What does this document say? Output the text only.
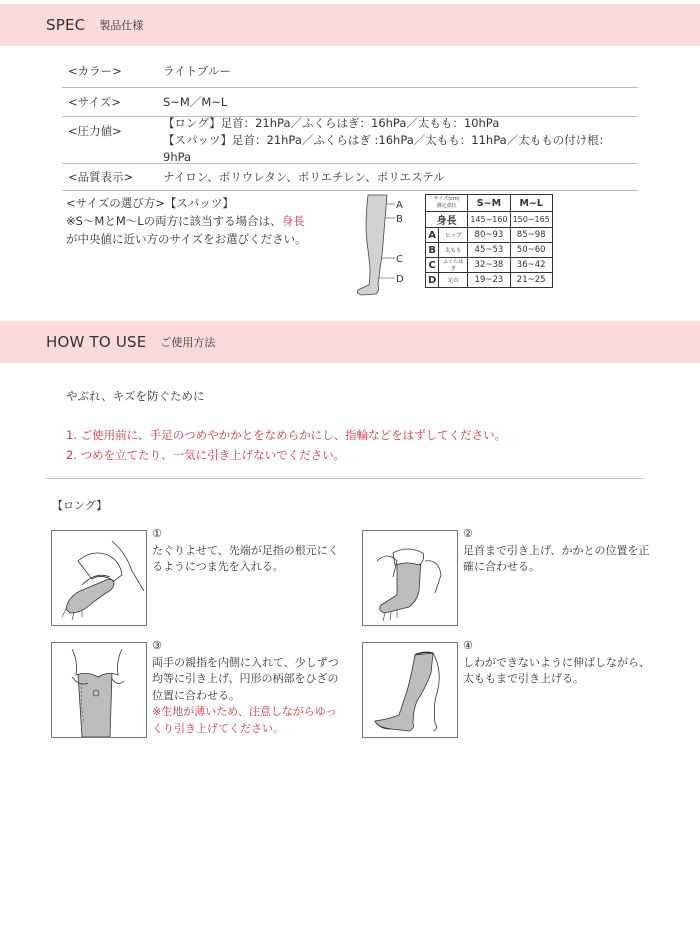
SPEC 製品仕様
<カラー>	ライトブルー
<サイズ>	S~M／M~L
<圧力値>
【ロング】足首：21hPa／ふくらはぎ：16hPa／太もも：10hPa
【スパッツ】足首：21hPa／ふくらはぎ :16hPa／太もも：11hPa／太ももの付け根：9hPa
<品質表示>	ナイロン、ポリウレタン、ポリエチレン、ポリエステル
<サイズの選び方>【スパッツ】
※S～MとM～Lの両方に該当する場合は、身長
が中央値に近い方のサイズをお選びください。
A
B
C
D
サイズ(cm)
測定部位		S~M	M~L
身長		145~160	150~165
A	ヒップ	80~93	85~98
B	太もも	45~53	50~60
C	ふくらはぎ	32~38	36~42
D	足首	19~23	21~25
HOW TO USE ご使用方法
やぶれ、キズを防ぐために
1. ご使用前に、手足のつめやかかとをなめらかにし、指輪などをはずしてください。
2. つめを立てたり、一気に引き上げないでください。
【ロング】
①
たぐりよせて、先端が足指の根元にく
るようにつま先を入れる。
②
足首まで引き上げ、かかとの位置を正
確に合わせる。
③
両手の親指を内側に入れて、少しずつ
均等に引き上げ、円形の柄部をひざの
位置に合わせる。
※生地が薄いため、注意しながらゆっ
くり引き上げてください。
④
しわができないように伸ばしながら、
太ももまで引き上げる。
